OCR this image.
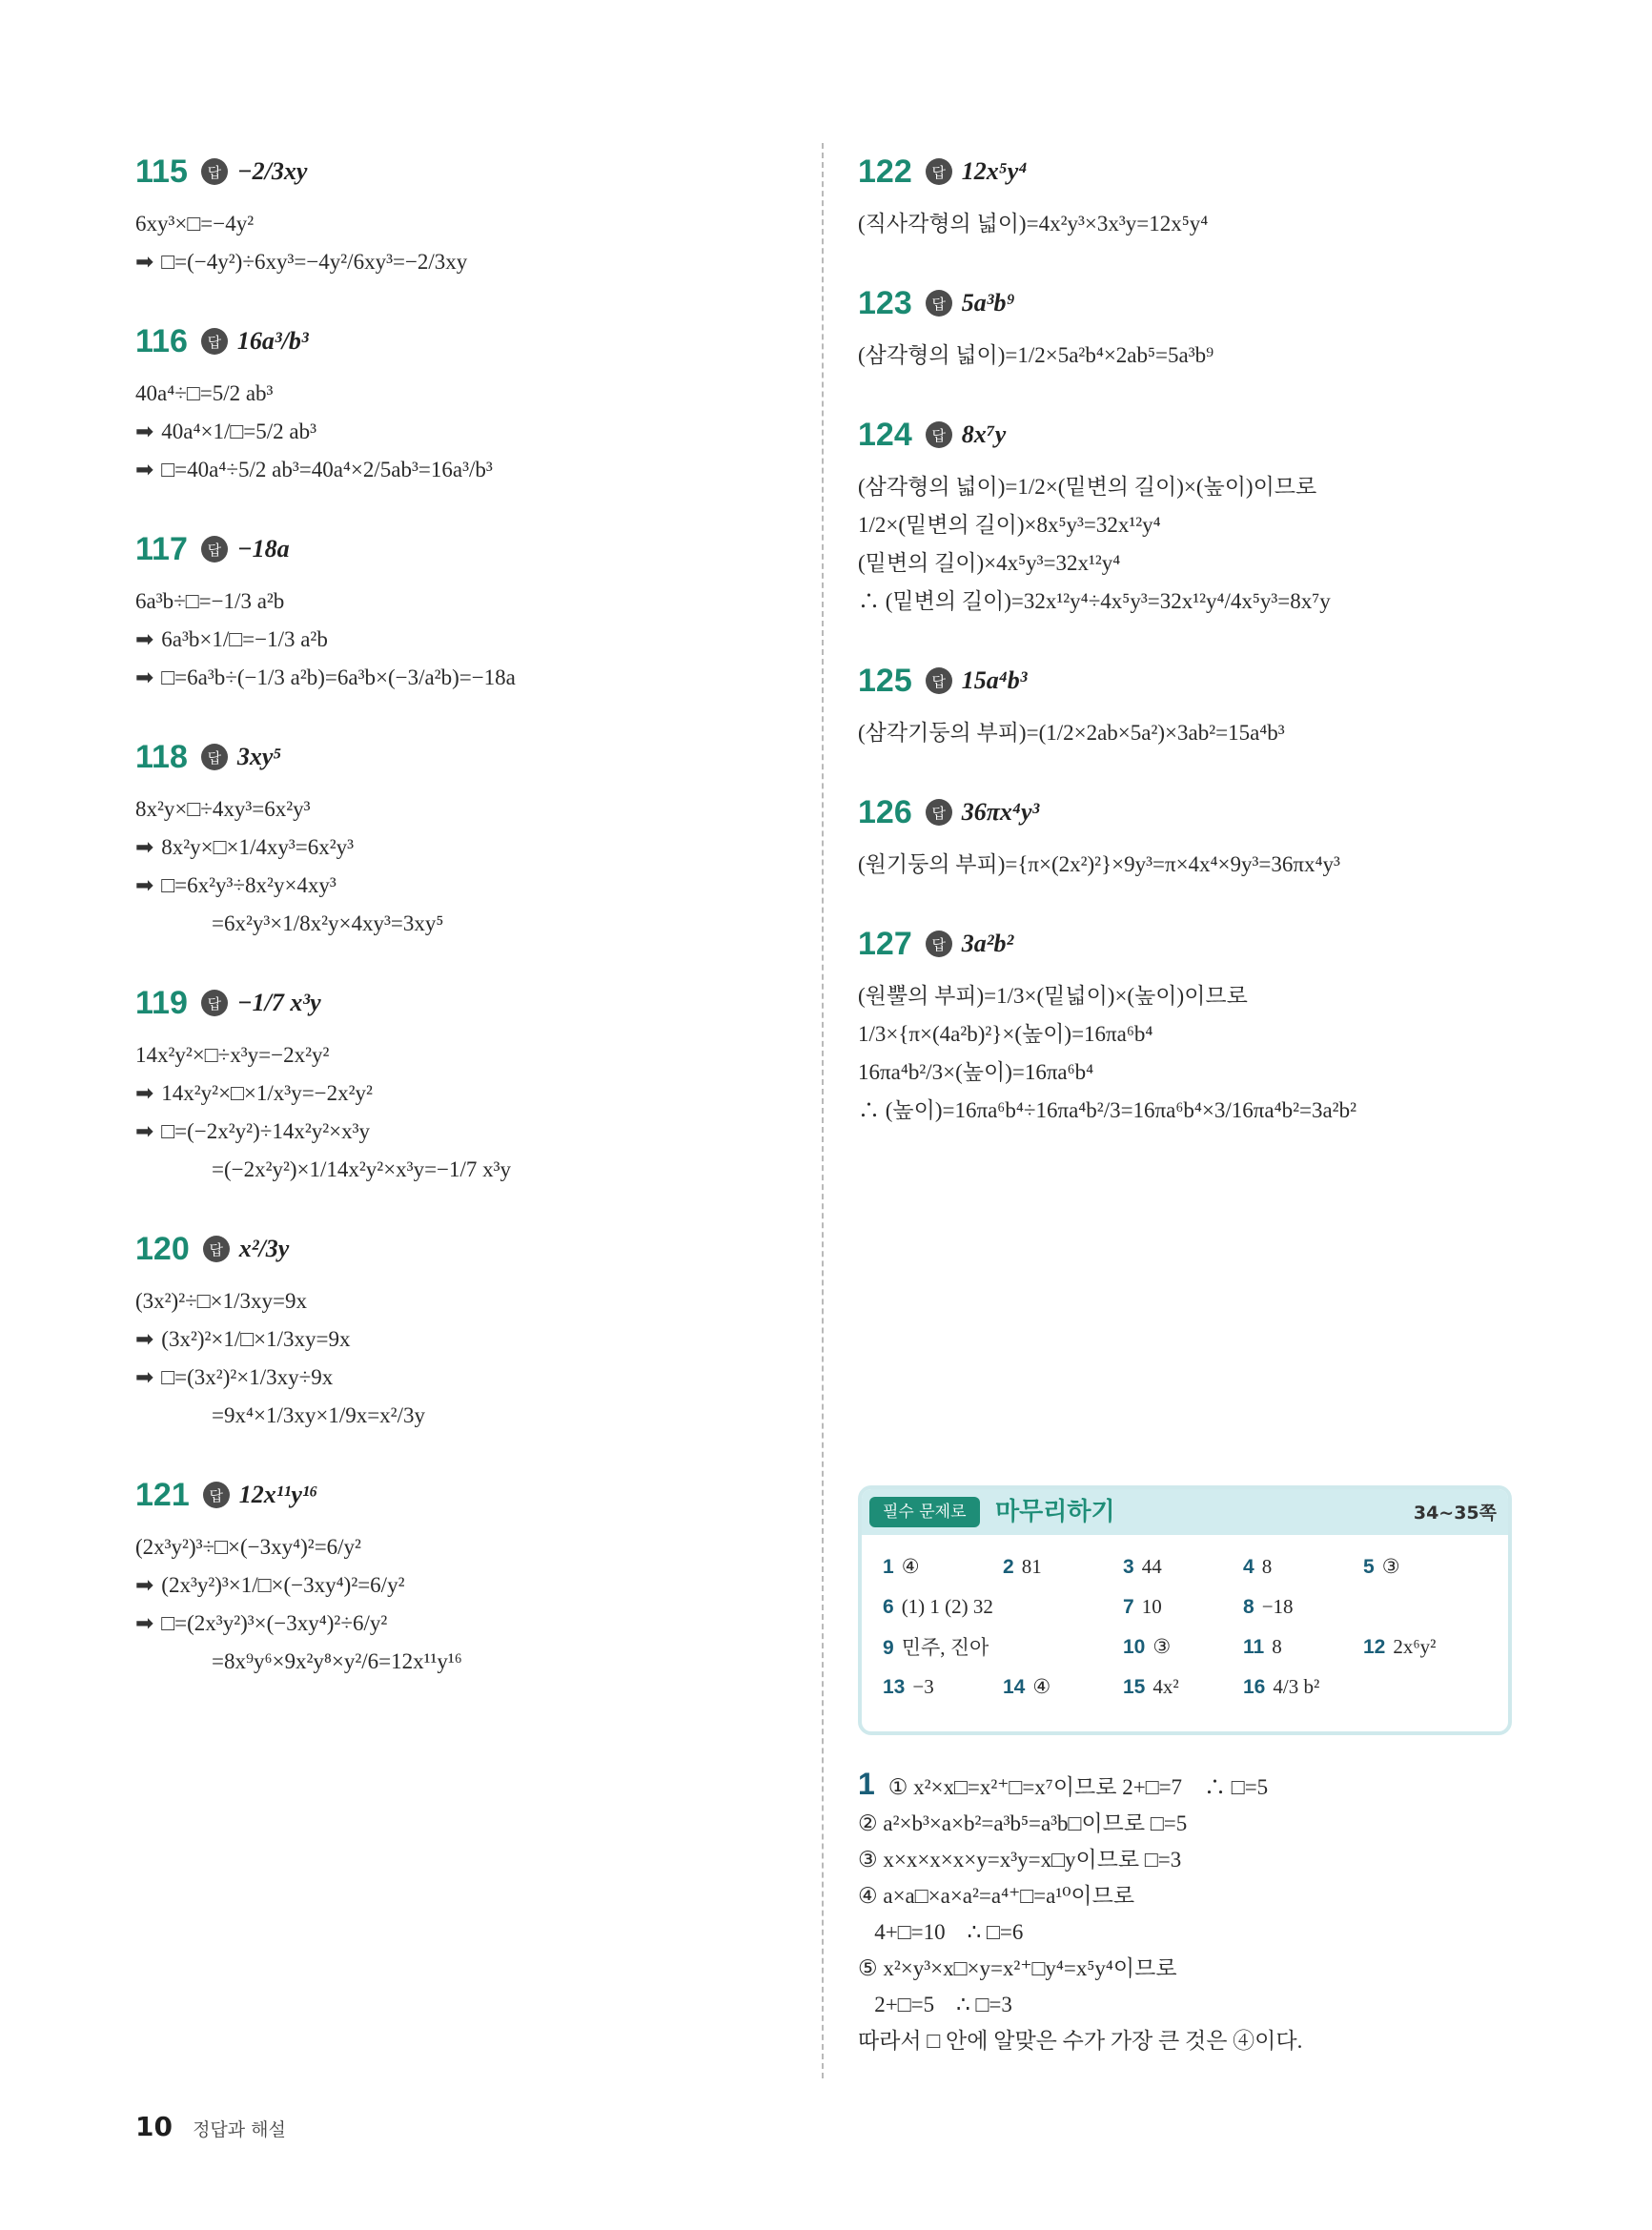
115	답 −2/3xy
6xy³×□=−4y²
➡ □=(−4y²)÷6xy³=−4y²/6xy³=−2/3xy
116	답 16a³/b³
40a⁴÷□=5/2 ab³
➡ 40a⁴×1/□=5/2 ab³
➡ □=40a⁴÷5/2 ab³=40a⁴×2/5ab³=16a³/b³
117	답 −18a
6a³b÷□=−1/3 a²b
➡ 6a³b×1/□=−1/3 a²b
➡ □=6a³b÷(−1/3 a²b)=6a³b×(−3/a²b)=−18a
118	답 3xy⁵
8x²y×□÷4xy³=6x²y³
➡ 8x²y×□×1/4xy³=6x²y³
➡ □=6x²y³÷8x²y×4xy³
=6x²y³×1/8x²y×4xy³=3xy⁵
119	답 −1/7 x³y
14x²y²×□÷x³y=−2x²y²
➡ 14x²y²×□×1/x³y=−2x²y²
➡ □=(−2x²y²)÷14x²y²×x³y
=(−2x²y²)×1/14x²y²×x³y=−1/7 x³y
120	답 x²/3y
(3x²)²÷□×1/3xy=9x
➡ (3x²)²×1/□×1/3xy=9x
➡ □=(3x²)²×1/3xy÷9x
=9x⁴×1/3xy×1/9x=x²/3y
121	답 12x¹¹y¹⁶
(2x³y²)³÷□×(−3xy⁴)²=6/y²
➡ (2x³y²)³×1/□×(−3xy⁴)²=6/y²
➡ □=(2x³y²)³×(−3xy⁴)²÷6/y²
=8x⁹y⁶×9x²y⁸×y²/6=12x¹¹y¹⁶
122	답 12x⁵y⁴
(직사각형의 넓이)=4x²y³×3x³y=12x⁵y⁴
123	답 5a³b⁹
(삼각형의 넓이)=1/2×5a²b⁴×2ab⁵=5a³b⁹
124	답 8x⁷y
(삼각형의 넓이)=1/2×(밑변의 길이)×(높이)이므로
1/2×(밑변의 길이)×8x⁵y³=32x¹²y⁴
(밑변의 길이)×4x⁵y³=32x¹²y⁴
∴ (밑변의 길이)=32x¹²y⁴÷4x⁵y³=32x¹²y⁴/4x⁵y³=8x⁷y
125	답 15a⁴b³
(삼각기둥의 부피)=(1/2×2ab×5a²)×3ab²=15a⁴b³
126	답 36πx⁴y³
(원기둥의 부피)={π×(2x²)²}×9y³=π×4x⁴×9y³=36πx⁴y³
127	답 3a²b²
(원뿔의 부피)=1/3×(밑넓이)×(높이)이므로
1/3×{π×(4a²b)²}×(높이)=16πa⁶b⁴
16πa⁴b²/3×(높이)=16πa⁶b⁴
∴ (높이)=16πa⁶b⁴÷16πa⁴b²/3=16πa⁶b⁴×3/16πa⁴b²=3a²b²
필수 문제로	마무리하기	34~35쪽
1 ④	2 81	3 44	4 8	5 ③
6 (1) 1 (2) 32	7 10	8 −18
9 민주, 진아	10 ③	11 8	12 2x⁶y²
13 −3	14 ④	15 4x²	16 4/3 b²
1 ① x²×x□=x²⁺□=x⁷이므로 2+□=7    ∴ □=5
② a²×b³×a×b²=a³b⁵=a³b□이므로 □=5
③ x×x×x×x×y=x³y=x□y이므로 □=3
④ a×a□×a×a²=a⁴⁺□=a¹⁰이므로
4+□=10    ∴ □=6
⑤ x²×y³×x□×y=x²⁺□y⁴=x⁵y⁴이므로
2+□=5    ∴ □=3
따라서 □ 안에 알맞은 수가 가장 큰 것은 ④이다.
10 정답과 해설
